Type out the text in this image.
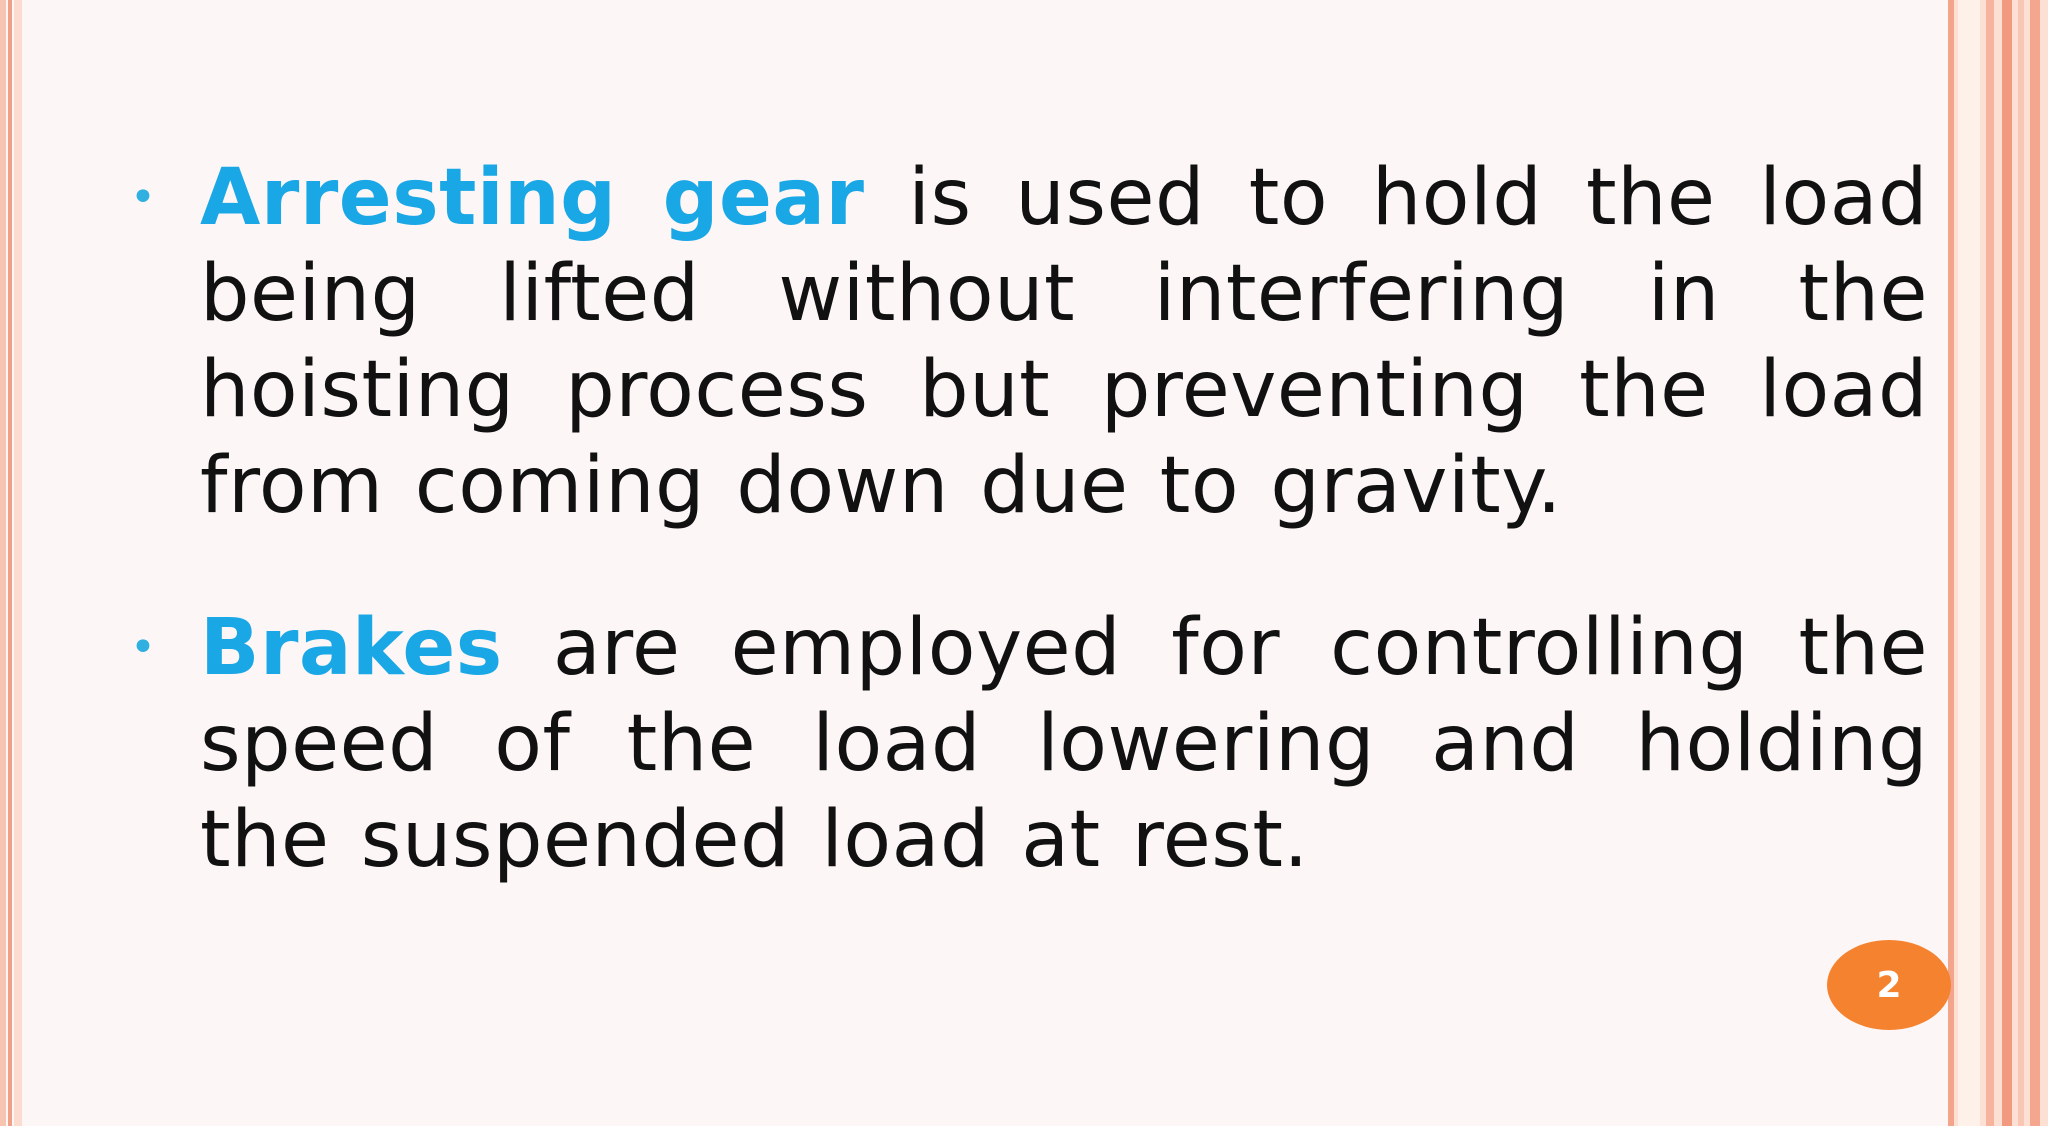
• Arresting gear is used to hold the load being lifted without interfering in the hoisting process but preventing the load from coming down due to gravity.
• Brakes are employed for controlling the speed of the load lowering and holding the suspended load at rest.
2
